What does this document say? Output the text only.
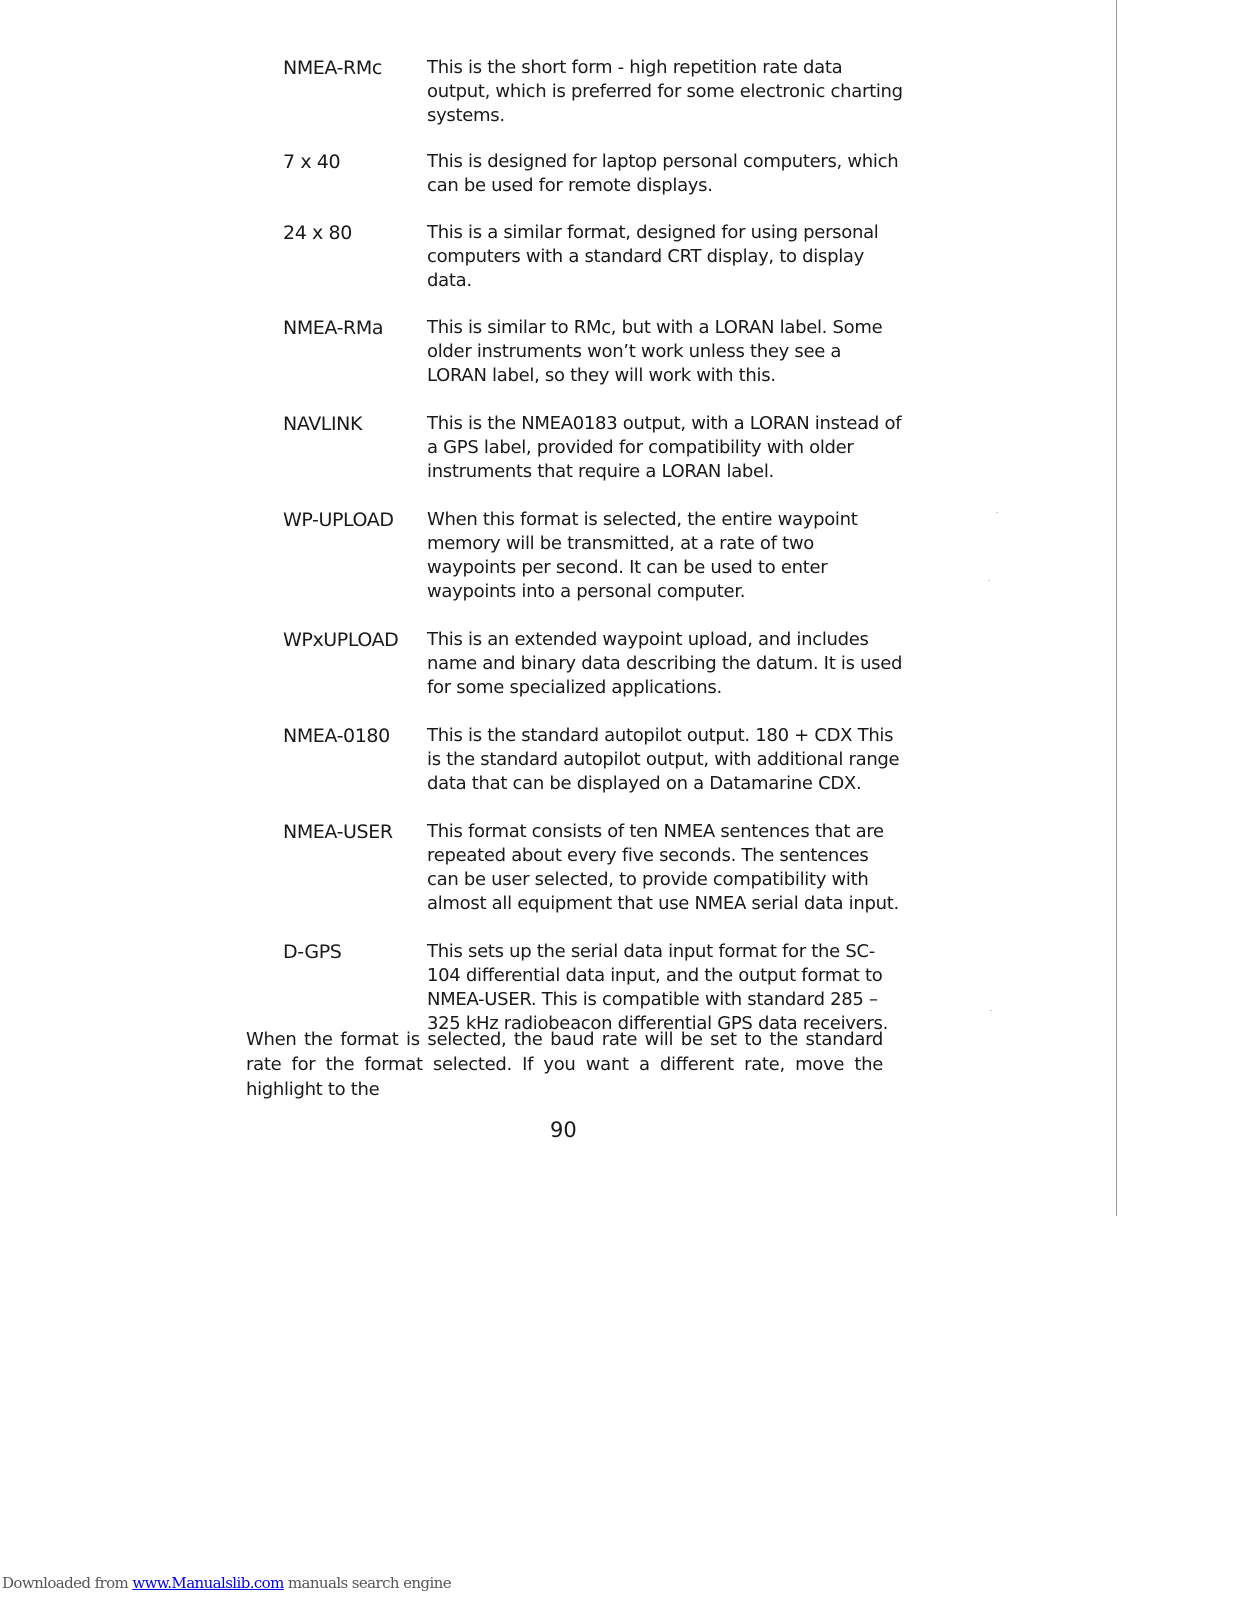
NMEA-RMc	This is the short form - high repetition rate data output, which is preferred for some electronic charting systems.
7 x 40	This is designed for laptop personal computers, which can be used for remote displays.
24 x 80	This is a similar format, designed for using personal computers with a standard CRT display, to display data.
NMEA-RMa	This is similar to RMc, but with a LORAN label. Some older instruments won’t work unless they see a LORAN label, so they will work with this.
NAVLINK	This is the NMEA0183 output, with a LORAN instead of a GPS label, provided for compatibility with older instruments that require a LORAN label.
WP-UPLOAD	When this format is selected, the entire waypoint memory will be transmitted, at a rate of two waypoints per second. It can be used to enter waypoints into a personal computer.
WPxUPLOAD	This is an extended waypoint upload, and includes name and binary data describing the datum. It is used for some specialized applications.
NMEA-0180	This is the standard autopilot output. 180 + CDX This is the standard autopilot output, with additional range data that can be displayed on a Datamarine CDX.
NMEA-USER	This format consists of ten NMEA sentences that are repeated about every five seconds. The sentences can be user selected, to provide compatibility with almost all equipment that use NMEA serial data input.
D-GPS	This sets up the serial data input format for the SC-104 differential data input, and the output format to NMEA-USER. This is compatible with standard 285 – 325 kHz radiobeacon differential GPS data receivers.
When the format is selected, the baud rate will be set to the standard rate for the format selected. If you want a different rate, move the highlight to the
90
Downloaded from www.Manualslib.com manuals search engine
